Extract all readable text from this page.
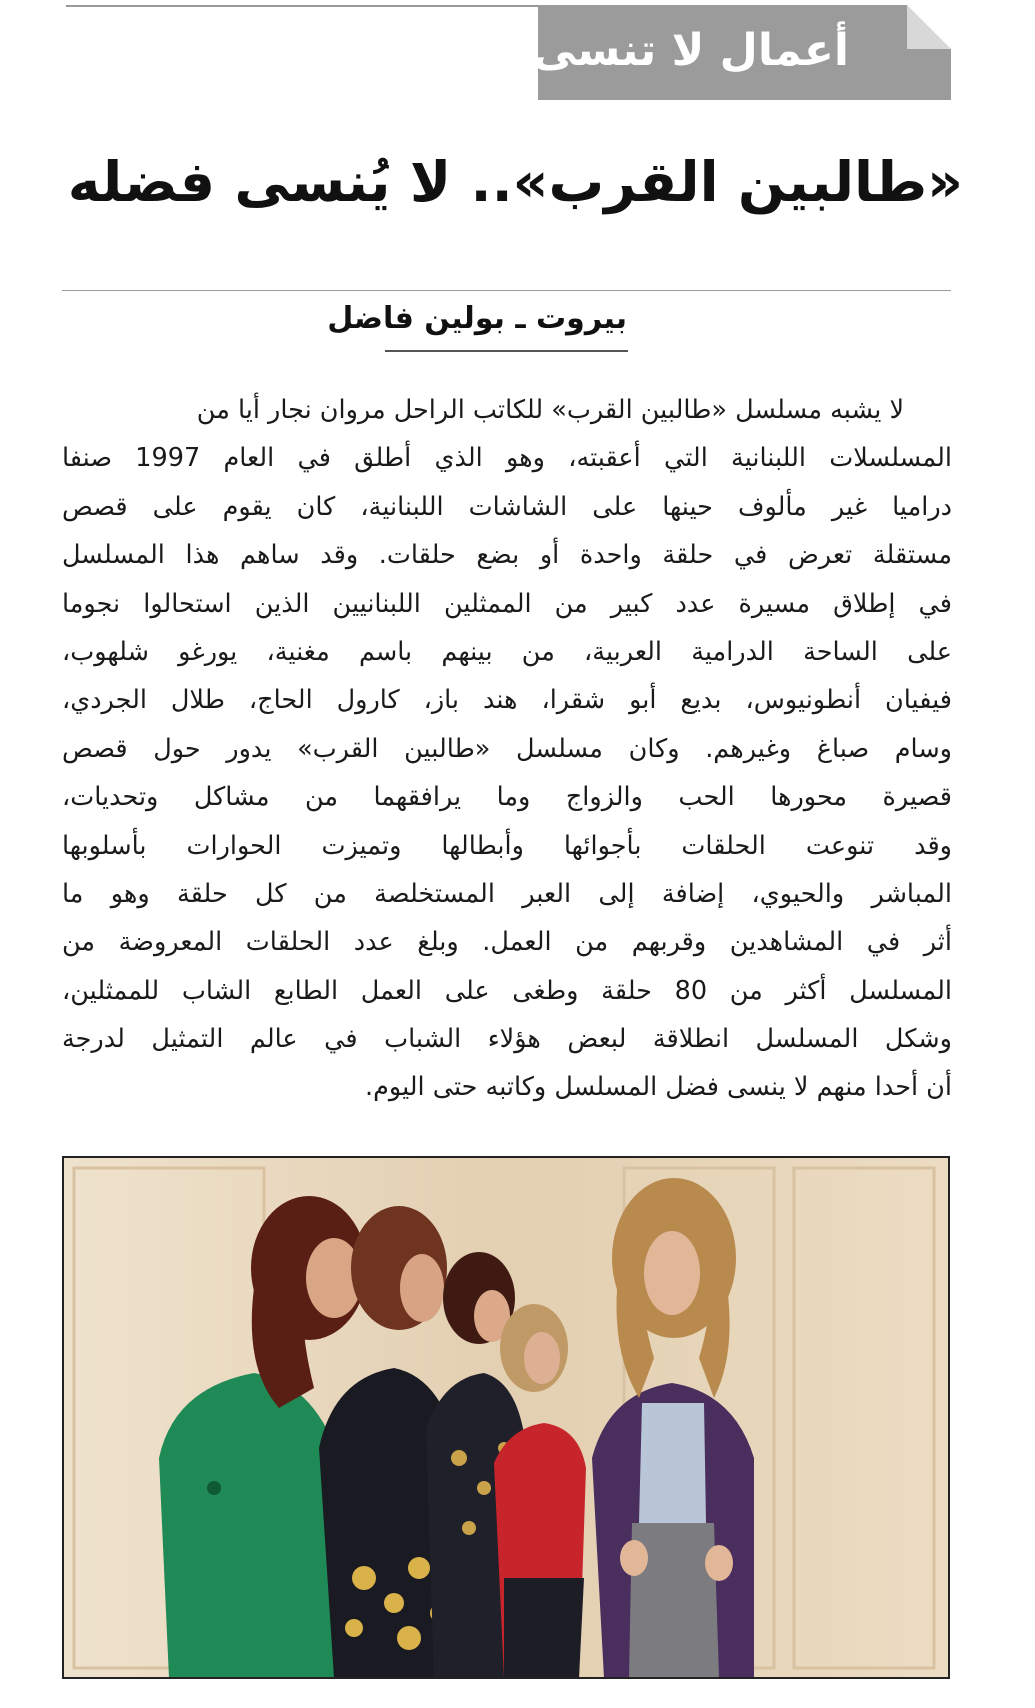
أعمال لا تنسى
«طالبين القرب».. لا يُنسى فضله
بيروت ـ بولين فاضل
لا يشبه مسلسل «طالبين القرب» للكاتب الراحل مروان نجار أيا من
المسلسلات اللبنانية التي أعقبته، وهو الذي أطلق في العام 1997 صنفا
دراميا غير مألوف حينها على الشاشات اللبنانية، كان يقوم على قصص
مستقلة تعرض في حلقة واحدة أو بضع حلقات. وقد ساهم هذا المسلسل
في إطلاق مسيرة عدد كبير من الممثلين اللبنانيين الذين استحالوا نجوما
على الساحة الدرامية العربية، من بينهم باسم مغنية، يورغو شلهوب،
فيفيان أنطونيوس، بديع أبو شقرا، هند باز، كارول الحاج، طلال الجردي،
وسام صباغ وغيرهم. وكان مسلسل «طالبين القرب» يدور حول قصص
قصيرة محورها الحب والزواج وما يرافقهما من مشاكل وتحديات،
وقد تنوعت الحلقات بأجوائها وأبطالها وتميزت الحوارات بأسلوبها
المباشر والحيوي، إضافة إلى العبر المستخلصة من كل حلقة وهو ما
أثر في المشاهدين وقربهم من العمل. وبلغ عدد الحلقات المعروضة من
المسلسل أكثر من 80 حلقة وطغى على العمل الطابع الشاب للممثلين،
وشكل المسلسل انطلاقة لبعض هؤلاء الشباب في عالم التمثيل لدرجة
أن أحدا منهم لا ينسى فضل المسلسل وكاتبه حتى اليوم.
